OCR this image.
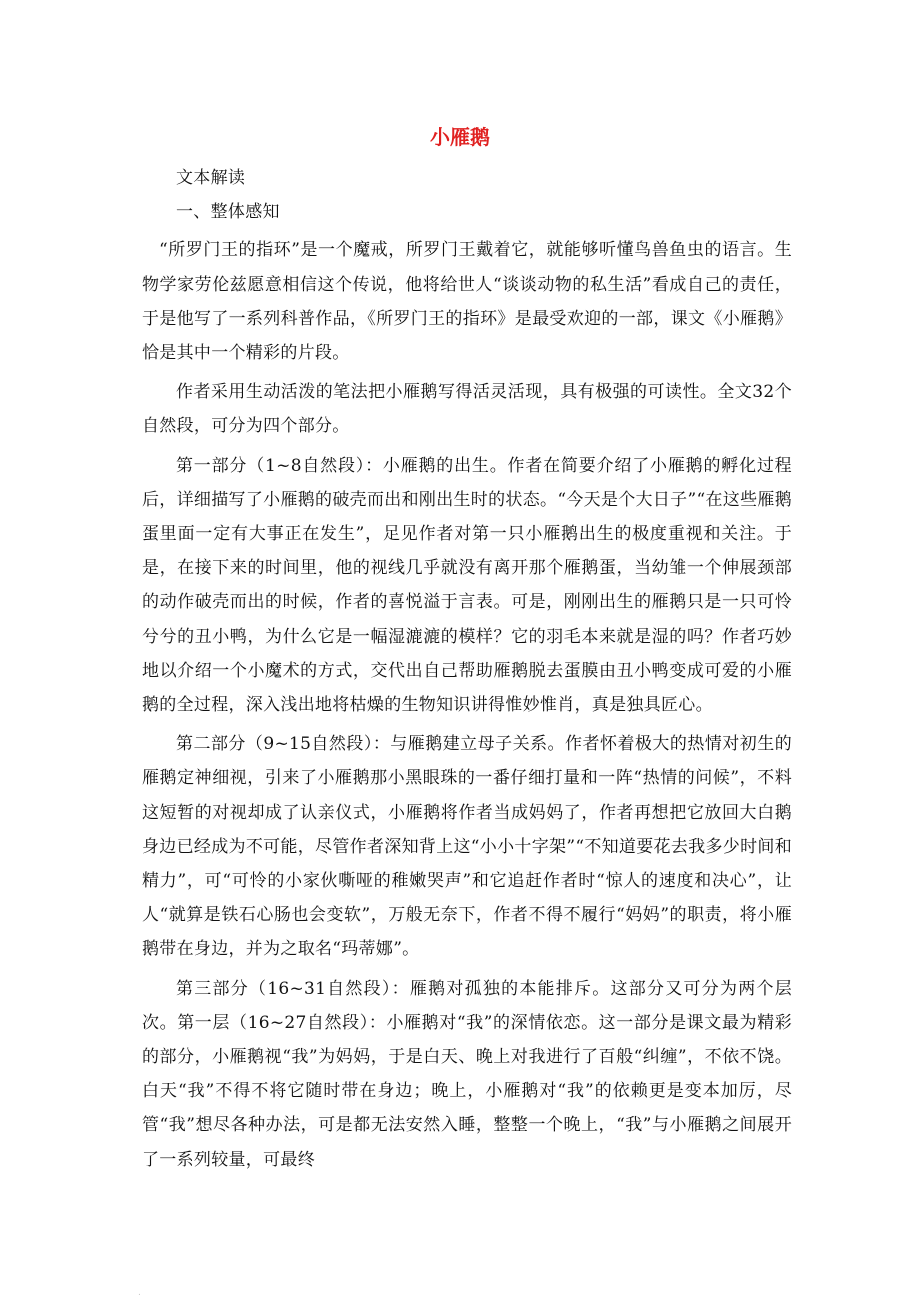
小雁鹅

文本解读

一、整体感知

“所罗门王的指环”是一个魔戒，所罗门王戴着它，就能够听懂鸟兽鱼虫的语言。生物学家劳伦兹愿意相信这个传说，他将给世人“谈谈动物的私生活”看成自己的责任，于是他写了一系列科普作品，《所罗门王的指环》是最受欢迎的一部，课文《小雁鹅》恰是其中一个精彩的片段。

作者采用生动活泼的笔法把小雁鹅写得活灵活现，具有极强的可读性。全文32个自然段，可分为四个部分。

第一部分（1~8自然段）：小雁鹅的出生。作者在简要介绍了小雁鹅的孵化过程后，详细描写了小雁鹅的破壳而出和刚出生时的状态。“今天是个大日子”“在这些雁鹅蛋里面一定有大事正在发生”，足见作者对第一只小雁鹅出生的极度重视和关注。于是，在接下来的时间里，他的视线几乎就没有离开那个雁鹅蛋，当幼雏一个伸展颈部的动作破壳而出的时候，作者的喜悦溢于言表。可是，刚刚出生的雁鹅只是一只可怜兮兮的丑小鸭，为什么它是一幅湿漉漉的模样？它的羽毛本来就是湿的吗？作者巧妙地以介绍一个小魔术的方式，交代出自己帮助雁鹅脱去蛋膜由丑小鸭变成可爱的小雁鹅的全过程，深入浅出地将枯燥的生物知识讲得惟妙惟肖，真是独具匠心。

第二部分（9~15自然段）：与雁鹅建立母子关系。作者怀着极大的热情对初生的雁鹅定神细视，引来了小雁鹅那小黑眼珠的一番仔细打量和一阵“热情的问候”，不料这短暂的对视却成了认亲仪式，小雁鹅将作者当成妈妈了，作者再想把它放回大白鹅身边已经成为不可能，尽管作者深知背上这“小小十字架”“不知道要花去我多少时间和精力”，可“可怜的小家伙嘶哑的稚嫩哭声”和它追赶作者时“惊人的速度和决心”，让人“就算是铁石心肠也会变软”，万般无奈下，作者不得不履行“妈妈”的职责，将小雁鹅带在身边，并为之取名“玛蒂娜”。

第三部分（16~31自然段）：雁鹅对孤独的本能排斥。这部分又可分为两个层次。第一层（16~27自然段）：小雁鹅对“我”的深情依恋。这一部分是课文最为精彩的部分，小雁鹅视“我”为妈妈，于是白天、晚上对我进行了百般“纠缠”，不依不饶。白天“我”不得不将它随时带在身边；晚上，小雁鹅对“我”的依赖更是变本加厉，尽管“我”想尽各种办法，可是都无法安然入睡，整整一个晚上，“我”与小雁鹅之间展开了一系列较量，可最终

.
